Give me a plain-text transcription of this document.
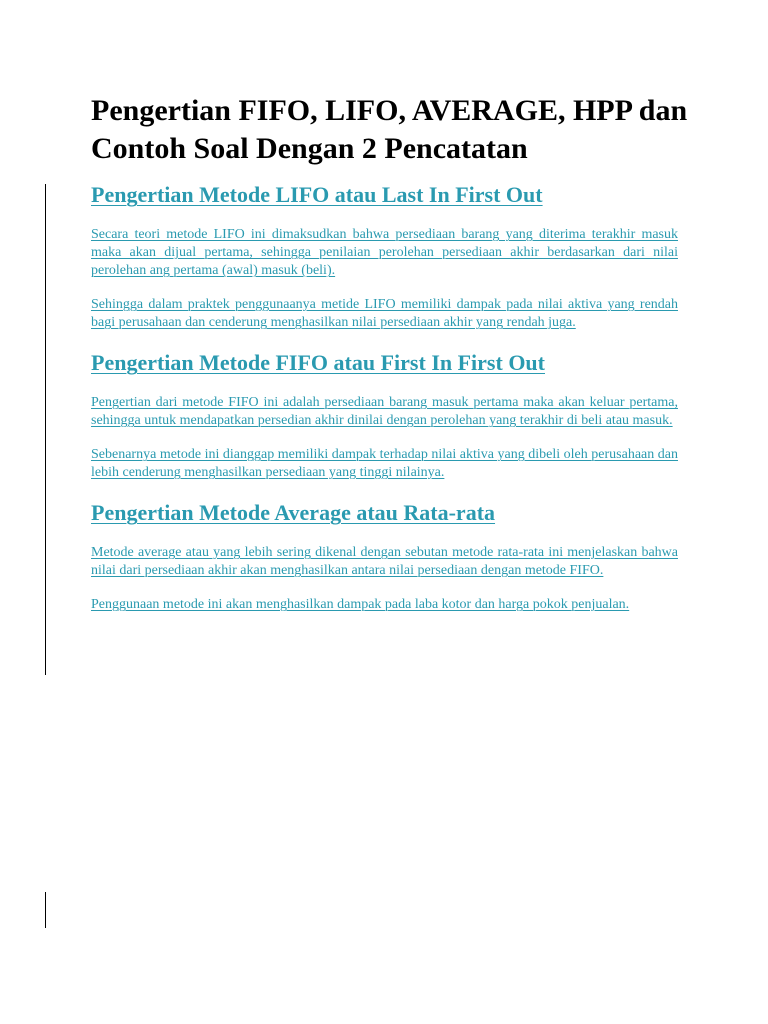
Pengertian FIFO, LIFO, AVERAGE, HPP dan Contoh Soal Dengan 2 Pencatatan
Pengertian Metode LIFO atau Last In First Out

Secara teori metode LIFO ini dimaksudkan bahwa persediaan barang yang diterima terakhir masuk maka akan dijual pertama, sehingga penilaian perolehan persediaan akhir berdasarkan dari nilai perolehan ang pertama (awal) masuk (beli).

Sehingga dalam praktek penggunaanya metide LIFO memiliki dampak pada nilai aktiva yang rendah bagi perusahaan dan cenderung menghasilkan nilai persediaan akhir yang rendah juga.

Pengertian Metode FIFO atau First In First Out

Pengertian dari metode FIFO ini adalah persediaan barang masuk pertama maka akan keluar pertama, sehingga untuk mendapatkan persedian akhir dinilai dengan perolehan yang terakhir di beli atau masuk.

Sebenarnya metode ini dianggap memiliki dampak terhadap nilai aktiva yang dibeli oleh perusahaan dan lebih cenderung menghasilkan persediaan yang tinggi nilainya.

Pengertian Metode Average atau Rata-rata

Metode average atau yang lebih sering dikenal dengan sebutan metode rata-rata ini menjelaskan bahwa nilai dari persediaan akhir akan menghasilkan antara nilai persediaan dengan metode FIFO.

Penggunaan metode ini akan menghasilkan dampak pada laba kotor dan harga pokok penjualan.
